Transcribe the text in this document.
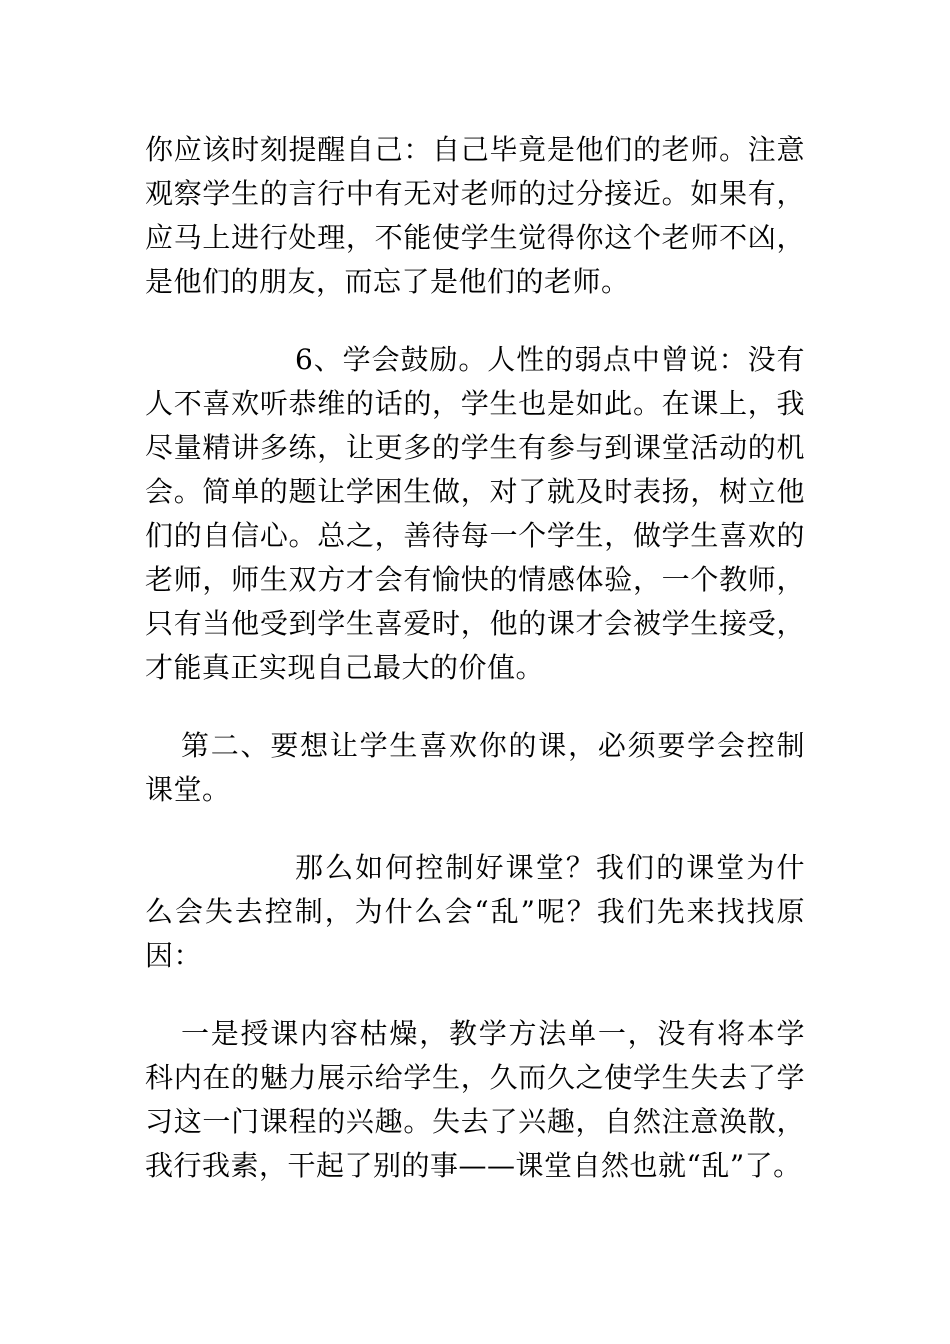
你应该时刻提醒自己：自己毕竟是他们的老师。注意观察学生的言行中有无对老师的过分接近。如果有，应马上进行处理，不能使学生觉得你这个老师不凶，是他们的朋友，而忘了是他们的老师。

6、学会鼓励。人性的弱点中曾说：没有人不喜欢听恭维的话的，学生也是如此。在课上，我尽量精讲多练，让更多的学生有参与到课堂活动的机会。简单的题让学困生做，对了就及时表扬，树立他们的自信心。总之，善待每一个学生，做学生喜欢的老师，师生双方才会有愉快的情感体验，一个教师，只有当他受到学生喜爱时，他的课才会被学生接受，才能真正实现自己最大的价值。

第二、要想让学生喜欢你的课，必须要学会控制课堂。

那么如何控制好课堂？我们的课堂为什么会失去控制，为什么会“乱”呢？我们先来找找原因：

一是授课内容枯燥，教学方法单一，没有将本学科内在的魅力展示给学生，久而久之使学生失去了学习这一门课程的兴趣。失去了兴趣，自然注意涣散，我行我素，干起了别的事——课堂自然也就“乱”了。
